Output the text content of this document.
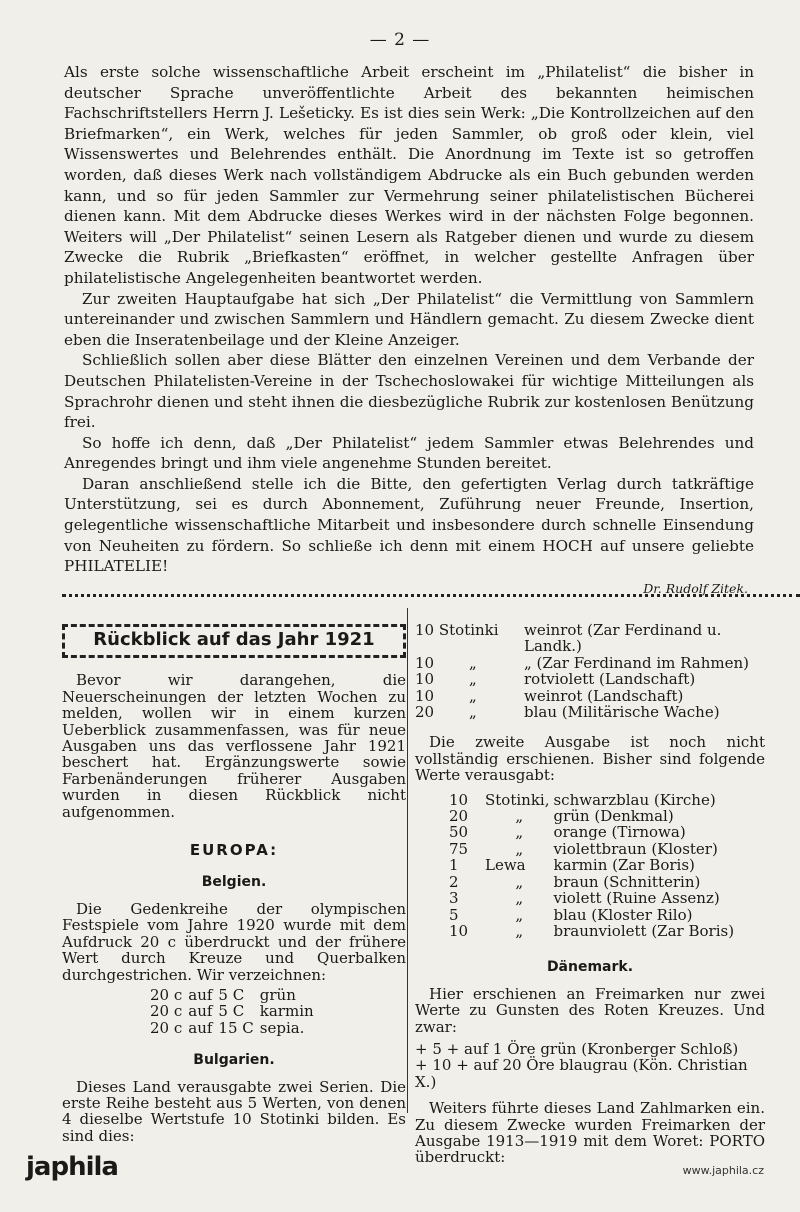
— 2 —

Als erste solche wissenschaftliche Arbeit erscheint im „Philatelist“ die bisher in deutscher Sprache unveröffentlichte Arbeit des bekannten heimischen Fachschriftstellers Herrn J. Lešeticky. Es ist dies sein Werk: „Die Kontrollzeichen auf den Briefmarken“, ein Werk, welches für jeden Sammler, ob groß oder klein, viel Wissenswertes und Belehrendes enthält. Die Anordnung im Texte ist so getroffen worden, daß dieses Werk nach vollständigem Abdrucke als ein Buch gebunden werden kann, und so für jeden Sammler zur Vermehrung seiner philatelistischen Bücherei dienen kann. Mit dem Abdrucke dieses Werkes wird in der nächsten Folge begonnen. Weiters will „Der Philatelist“ seinen Lesern als Ratgeber dienen und wurde zu diesem Zwecke die Rubrik „Briefkasten“ eröffnet, in welcher gestellte Anfragen über philatelistische Angelegenheiten beantwortet werden.

Zur zweiten Hauptaufgabe hat sich „Der Philatelist“ die Vermittlung von Sammlern untereinander und zwischen Sammlern und Händlern gemacht. Zu diesem Zwecke dient eben die Inseratenbeilage und der Kleine Anzeiger.

Schließlich sollen aber diese Blätter den einzelnen Vereinen und dem Verbande der Deutschen Philatelisten-Vereine in der Tschechoslowakei für wichtige Mitteilungen als Sprachrohr dienen und steht ihnen die diesbezügliche Rubrik zur kostenlosen Benützung frei.

So hoffe ich denn, daß „Der Philatelist“ jedem Sammler etwas Belehrendes und Anregendes bringt und ihm viele angenehme Stunden bereitet.

Daran anschließend stelle ich die Bitte, den gefertigten Verlag durch tatkräftige Unterstützung, sei es durch Abonnement, Zuführung neuer Freunde, Insertion, gelegentliche wissenschaftliche Mitarbeit und insbesondere durch schnelle Einsendung von Neuheiten zu fördern. So schließe ich denn mit einem HOCH auf unsere geliebte PHILATELIE!

Dr. Rudolf Zitek.
Rückblick auf das Jahr 1921

Bevor wir darangehen, die Neuerscheinungen der letzten Wochen zu melden, wollen wir in einem kurzen Ueberblick zusammenfassen, was für neue Ausgaben uns das verflossene Jahr 1921 beschert hat. Ergänzungswerte sowie Farbenänderungen früherer Ausgaben wurden in diesen Rückblick nicht aufgenommen.

EUROPA:
Belgien.

Die Gedenkreihe der olympischen Festspiele vom Jahre 1920 wurde mit dem Aufdruck 20 c überdruckt und der frühere Wert durch Kreuze und Querbalken durchgestrichen. Wir verzeichnen:

20 c	auf	5 C	grün
20 c	auf	5 C	karmin
20 c	auf	15 C	sepia.
Bulgarien.

Dieses Land verausgabte zwei Serien. Die erste Reihe besteht aus 5 Werten, von denen 4 dieselbe Wertstufe 10 Stotinki bilden. Es sind dies:

10 Stotinki		weinrot (Zar Ferdinand u. Landk.)
10	„	„ (Zar Ferdinand im Rahmen)
10	„	rotviolett (Landschaft)
10	„	weinrot (Landschaft)
20	„	blau (Militärische Wache)

Die zweite Ausgabe ist noch nicht vollständig erschienen. Bisher sind folgende Werte verausgabt:

10	Stotinki,	schwarzblau (Kirche)
20	„	grün (Denkmal)
50	„	orange (Tirnowa)
75	„	violettbraun (Kloster)
1	Lewa	karmin (Zar Boris)
2	„	braun (Schnitterin)
3	„	violett (Ruine Assenz)
5	„	blau (Kloster Rilo)
10	„	braunviolett (Zar Boris)
Dänemark.

Hier erschienen an Freimarken nur zwei Werte zu Gunsten des Roten Kreuzes. Und zwar:

+ 5 + auf 1 Öre grün (Kronberger Schloß)
+ 10 + auf 20 Öre blaugrau (Kön. Christian X.)

Weiters führte dieses Land Zahlmarken ein. Zu diesem Zwecke wurden Freimarken der Ausgabe 1913—1919 mit dem Woret: PORTO überdruckt:

japhila	www.japhila.cz
